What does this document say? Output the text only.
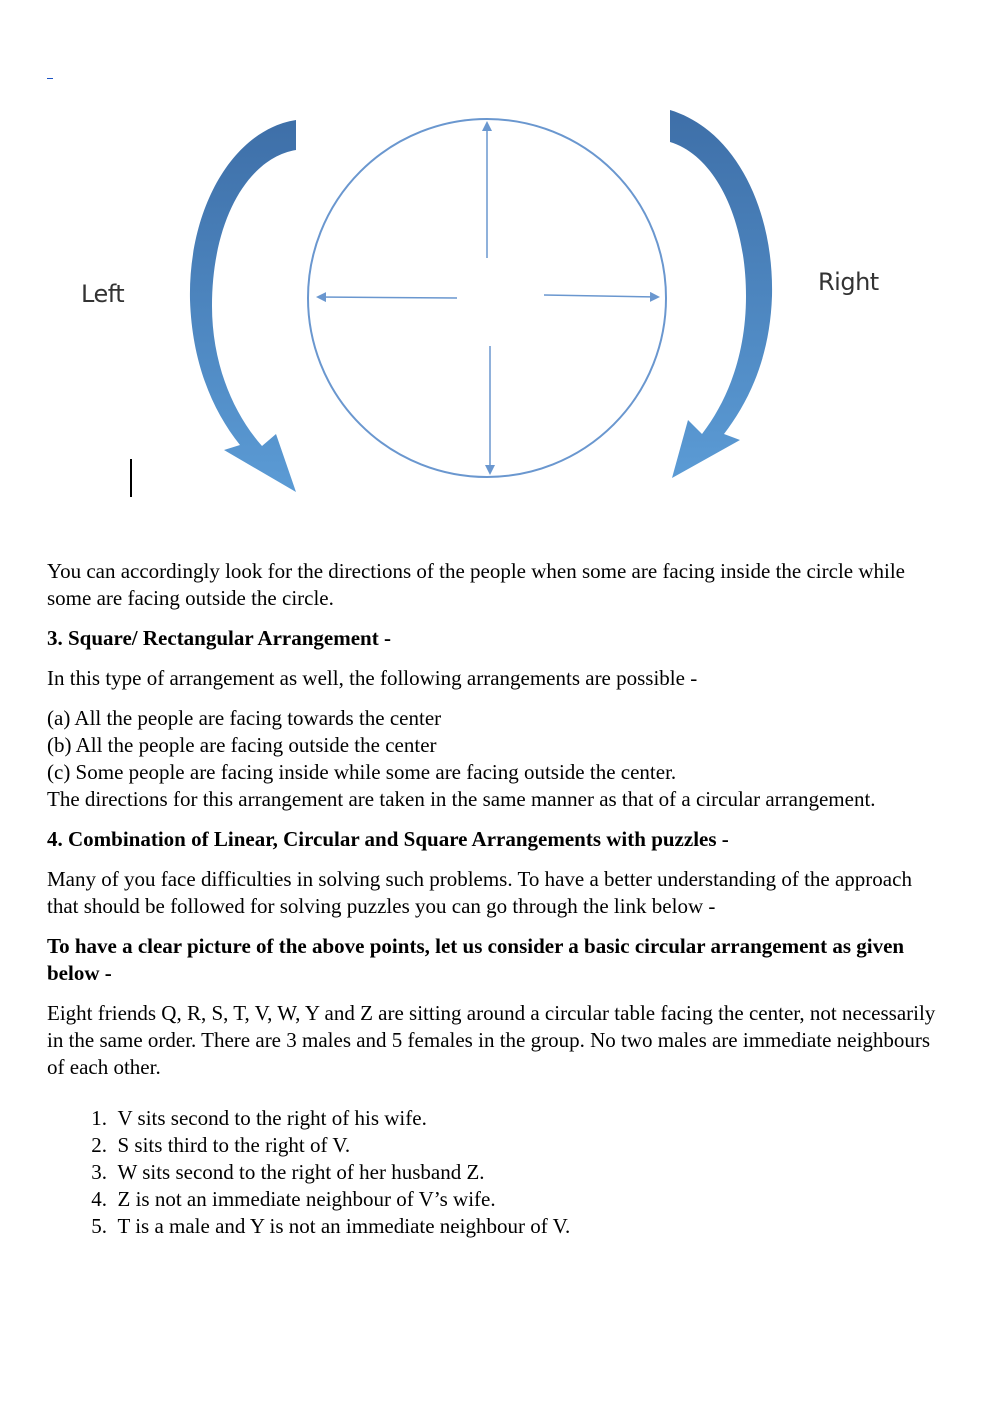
Left	Right

You can accordingly look for the directions of the people when some are facing inside the circle while some are facing outside the circle.

3. Square/ Rectangular Arrangement -

In this type of arrangement as well, the following arrangements are possible -

(a) All the people are facing towards the center

(b) All the people are facing outside the center

(c) Some people are facing inside while some are facing outside the center.

The directions for this arrangement are taken in the same manner as that of a circular arrangement.

4. Combination of Linear, Circular and Square Arrangements with puzzles -

Many of you face difficulties in solving such problems. To have a better understanding of the approach that should be followed for solving puzzles you can go through the link below -

To have a clear picture of the above points, let us consider a basic circular arrangement as given below -

Eight friends Q, R, S, T, V, W, Y and Z are sitting around a circular table facing the center, not necessarily in the same order. There are 3 males and 5 females in the group. No two males are immediate neighbours of each other.

1.
V sits second to the right of his wife.
2.
S sits third to the right of V.
3.
W sits second to the right of her husband Z.
4.
Z is not an immediate neighbour of V’s wife.
5.
T is a male and Y is not an immediate neighbour of V.
